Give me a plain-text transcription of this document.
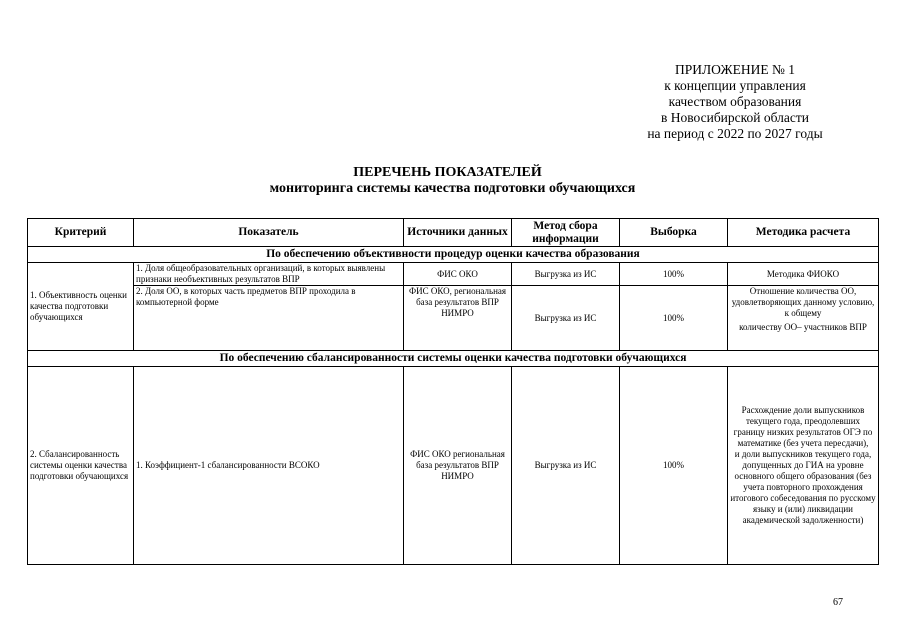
ПРИЛОЖЕНИЕ № 1
к концепции управления
качеством образования
в Новосибирской области
на период с 2022 по 2027 годы
ПЕРЕЧЕНЬ ПОКАЗАТЕЛЕЙ
мониторинга системы качества подготовки обучающихся
Критерий	Показатель	Источники данных	Метод сбора информации	Выборка	Методика расчета
По обеспечению объективности процедур оценки качества образования					
1. Объективность оценки качества подготовки обучающихся	1. Доля общеобразовательных организаций, в которых выявлены признаки необъективных результатов ВПР	ФИС ОКО	Выгрузка из ИС	100%	Методика ФИОКО
	2. Доля ОО, в которых часть предметов ВПР проходила в компьютерной форме	ФИС ОКО, региональная база результатов ВПР НИМРО	Выгрузка из ИС	100%	Отношение количества ОО, удовлетворяющих данному условию, к общему
количеству ОО– участников ВПР

По обеспечению сбалансированности системы оценки качества подготовки обучающихся					
2. Сбалансированность системы оценки качества подготовки обучающихся	1. Коэффициент-1 сбалансированности ВСОКО	ФИС ОКО региональная база результатов ВПР НИМРО	Выгрузка из ИС	100%	Расхождение доли выпускников текущего года, преодолевших границу низких результатов ОГЭ по математике (без учета пересдачи),
и доли выпускников текущего года, допущенных до ГИА на уровне основного общего образования (без учета повторного прохождения итогового собеседования по русскому языку и (или) ликвидации академической задолженности)
67
